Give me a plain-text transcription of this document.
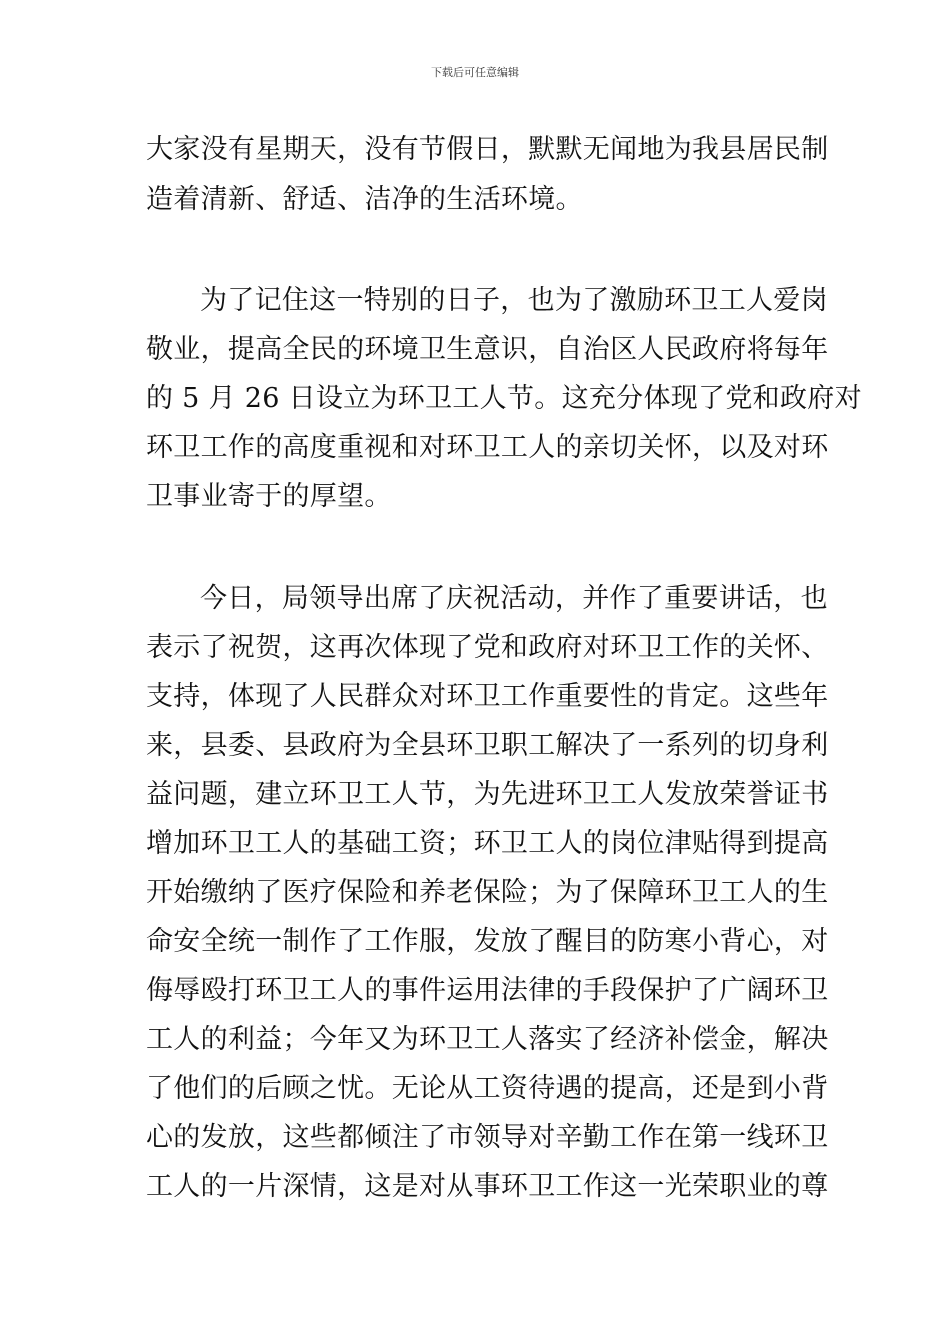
下载后可任意编辑
大家没有星期天，没有节假日，默默无闻地为我县居民制
造着清新、舒适、洁净的生活环境。
为了记住这一特别的日子，也为了激励环卫工人爱岗
敬业，提高全民的环境卫生意识，自治区人民政府将每年
的 5 月 26 日设立为环卫工人节。这充分体现了党和政府对
环卫工作的高度重视和对环卫工人的亲切关怀，以及对环
卫事业寄于的厚望。
今日，局领导出席了庆祝活动，并作了重要讲话，也
表示了祝贺，这再次体现了党和政府对环卫工作的关怀、
支持，体现了人民群众对环卫工作重要性的肯定。这些年
来，县委、县政府为全县环卫职工解决了一系列的切身利
益问题，建立环卫工人节，为先进环卫工人发放荣誉证书
增加环卫工人的基础工资；环卫工人的岗位津贴得到提高
开始缴纳了医疗保险和养老保险；为了保障环卫工人的生
命安全统一制作了工作服，发放了醒目的防寒小背心，对
侮辱殴打环卫工人的事件运用法律的手段保护了广阔环卫
工人的利益；今年又为环卫工人落实了经济补偿金，解决
了他们的后顾之忧。无论从工资待遇的提高，还是到小背
心的发放，这些都倾注了市领导对辛勤工作在第一线环卫
工人的一片深情，这是对从事环卫工作这一光荣职业的尊
